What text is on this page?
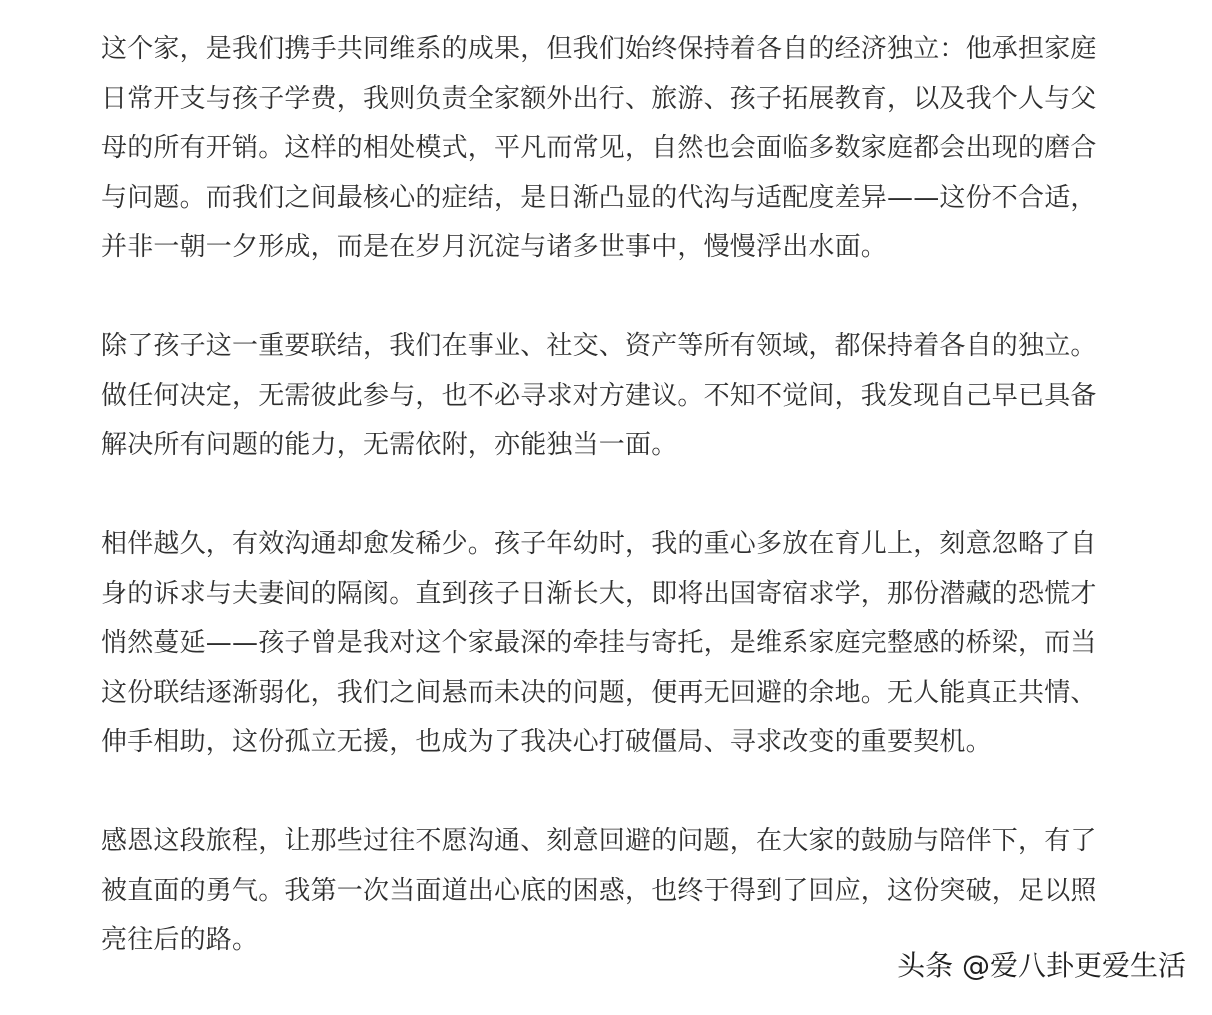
这个家，是我们携手共同维系的成果，但我们始终保持着各自的经济独立：他承担家庭
日常开支与孩子学费，我则负责全家额外出行、旅游、孩子拓展教育，以及我个人与父
母的所有开销。这样的相处模式，平凡而常见，自然也会面临多数家庭都会出现的磨合
与问题。而我们之间最核心的症结，是日渐凸显的代沟与适配度差异——这份不合适，
并非一朝一夕形成，而是在岁月沉淀与诸多世事中，慢慢浮出水面。

除了孩子这一重要联结，我们在事业、社交、资产等所有领域，都保持着各自的独立。
做任何决定，无需彼此参与，也不必寻求对方建议。不知不觉间，我发现自己早已具备
解决所有问题的能力，无需依附，亦能独当一面。

相伴越久，有效沟通却愈发稀少。孩子年幼时，我的重心多放在育儿上，刻意忽略了自
身的诉求与夫妻间的隔阂。直到孩子日渐长大，即将出国寄宿求学，那份潜藏的恐慌才
悄然蔓延——孩子曾是我对这个家最深的牵挂与寄托，是维系家庭完整感的桥梁，而当
这份联结逐渐弱化，我们之间悬而未决的问题，便再无回避的余地。无人能真正共情、
伸手相助，这份孤立无援，也成为了我决心打破僵局、寻求改变的重要契机。

感恩这段旅程，让那些过往不愿沟通、刻意回避的问题，在大家的鼓励与陪伴下，有了
被直面的勇气。我第一次当面道出心底的困惑，也终于得到了回应，这份突破，足以照
亮往后的路。

头条 @爱八卦更爱生活
